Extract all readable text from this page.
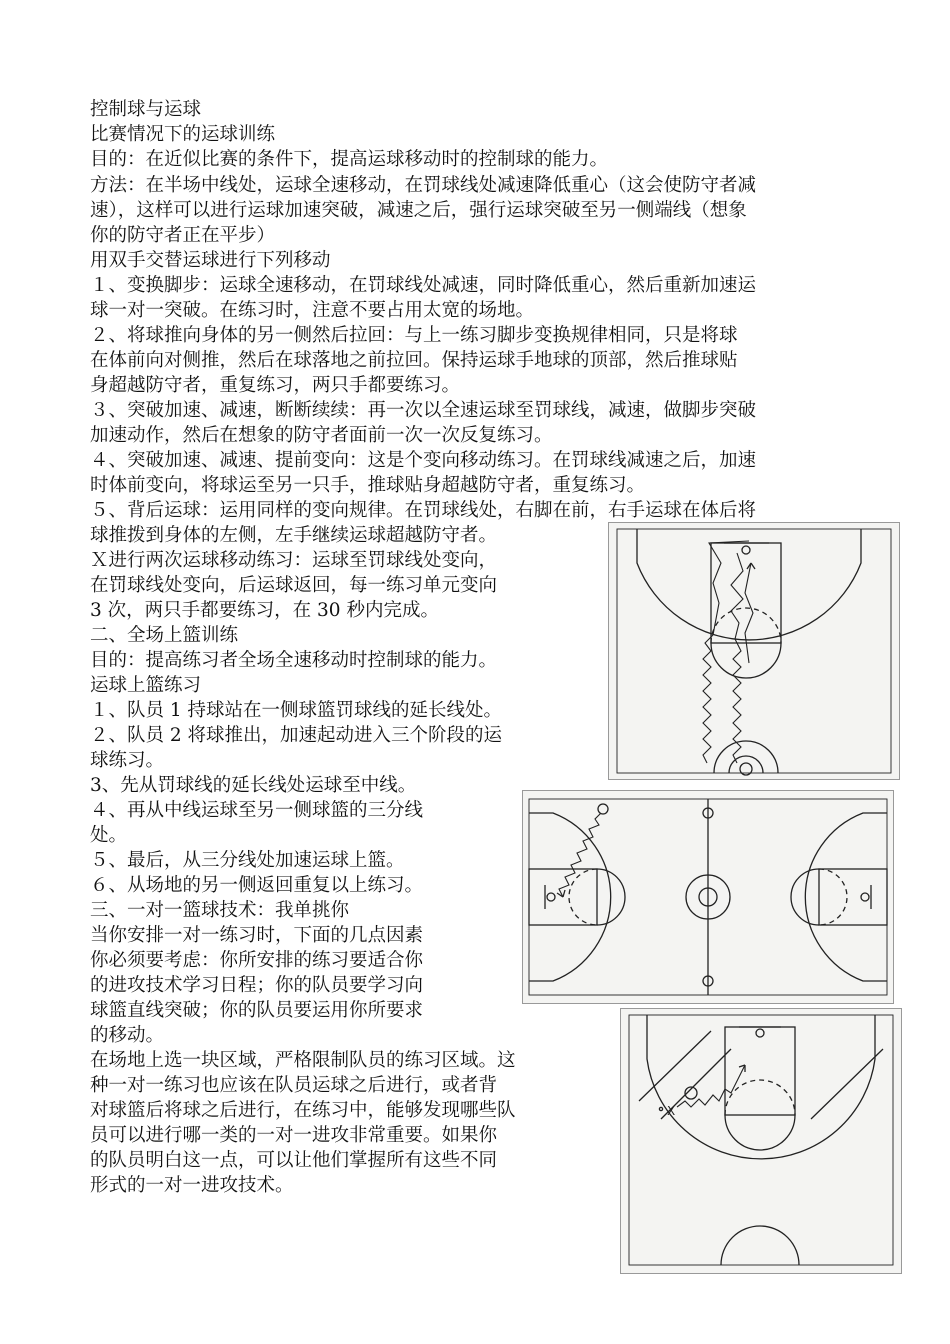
控制球与运球
比赛情况下的运球训练
目的：在近似比赛的条件下，提高运球移动时的控制球的能力。
方法：在半场中线处，运球全速移动，在罚球线处减速降低重心（这会使防守者减
速），这样可以进行运球加速突破，减速之后，强行运球突破至另一侧端线（想象
你的防守者正在平步）
用双手交替运球进行下列移动
１、变换脚步：运球全速移动，在罚球线处减速，同时降低重心，然后重新加速运
球一对一突破。在练习时，注意不要占用太宽的场地。
２、将球推向身体的另一侧然后拉回：与上一练习脚步变换规律相同，只是将球
在体前向对侧推，然后在球落地之前拉回。保持运球手地球的顶部，然后推球贴
身超越防守者，重复练习，两只手都要练习。
３、突破加速、减速，断断续续：再一次以全速运球至罚球线，减速，做脚步突破
加速动作，然后在想象的防守者面前一次一次反复练习。
４、突破加速、减速、提前变向：这是个变向移动练习。在罚球线减速之后，加速
时体前变向，将球运至另一只手，推球贴身超越防守者，重复练习。
５、背后运球：运用同样的变向规律。在罚球线处，右脚在前，右手运球在体后将
球推拨到身体的左侧，左手继续运球超越防守者。
Ｘ进行两次运球移动练习：运球至罚球线处变向，
在罚球线处变向，后运球返回，每一练习单元变向
3 次，两只手都要练习，在 30 秒内完成。
二、全场上篮训练
目的：提高练习者全场全速移动时控制球的能力。
运球上篮练习
１、队员 1 持球站在一侧球篮罚球线的延长线处。
２、队员 2 将球推出，加速起动进入三个阶段的运
球练习。
3、先从罚球线的延长线处运球至中线。
４、再从中线运球至另一侧球篮的三分线
处。
５、最后，从三分线处加速运球上篮。
６、从场地的另一侧返回重复以上练习。
三、一对一篮球技术：我单挑你
当你安排一对一练习时，下面的几点因素
你必须要考虑：你所安排的练习要适合你
的进攻技术学习日程；你的队员要学习向
球篮直线突破；你的队员要运用你所要求
的移动。
在场地上选一块区域，严格限制队员的练习区域。这
种一对一练习也应该在队员运球之后进行，或者背
对球篮后将球之后进行，在练习中，能够发现哪些队
员可以进行哪一类的一对一进攻非常重要。如果你
的队员明白这一点，可以让他们掌握所有这些不同
形式的一对一进攻技术。
X
